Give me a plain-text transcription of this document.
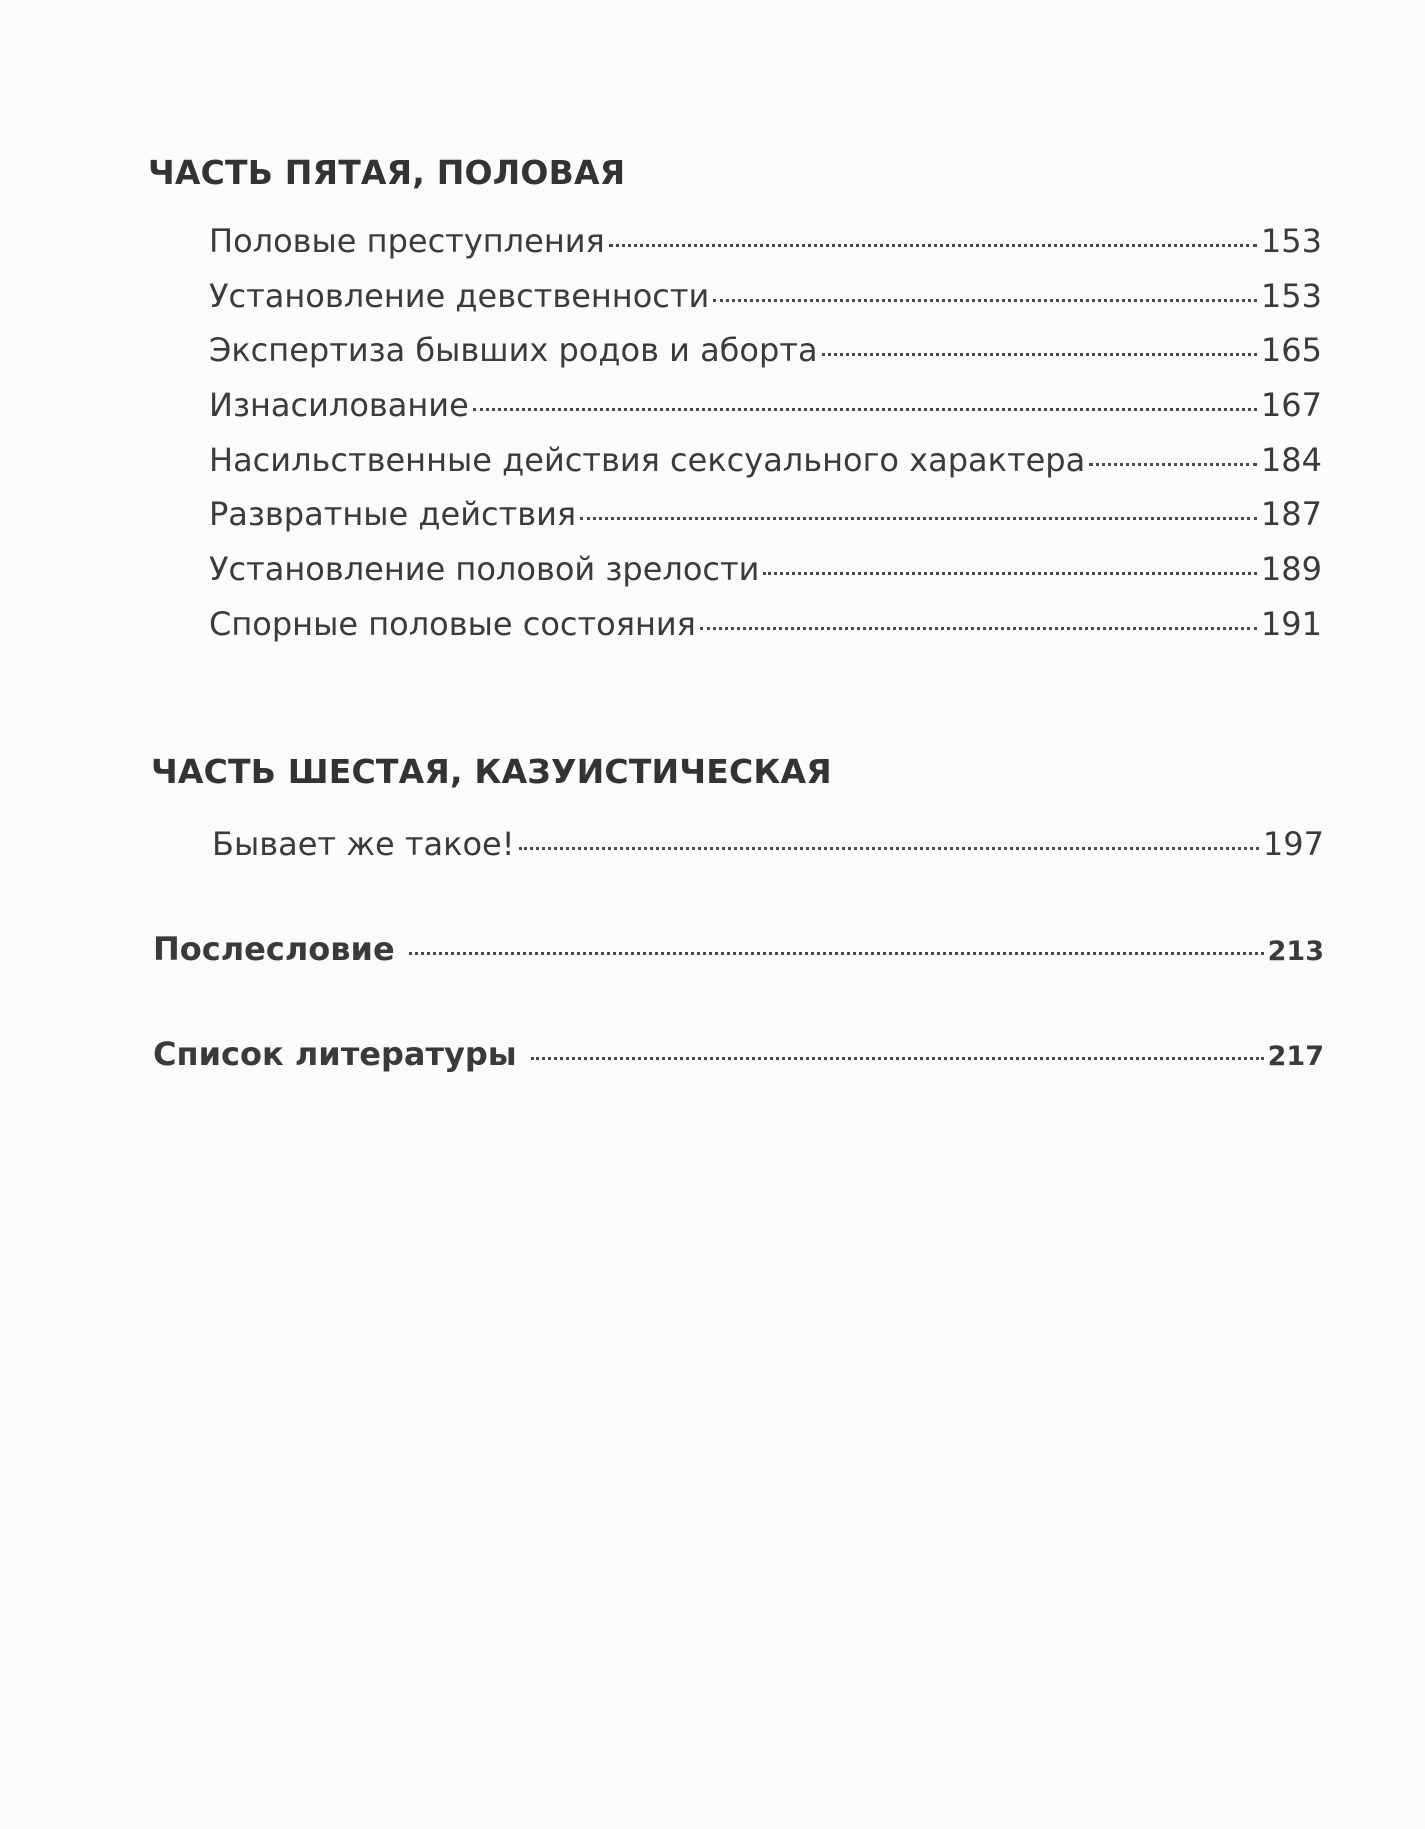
ЧАСТЬ ПЯТАЯ, ПОЛОВАЯ
Половые преступления	153
Установление девственности	153
Экспертиза бывших родов и аборта	165
Изнасилование	167
Насильственные действия сексуального характера	184
Развратные действия	187
Установление половой зрелости	189
Спорные половые состояния	191
ЧАСТЬ ШЕСТАЯ, КАЗУИСТИЧЕСКАЯ
Бывает же такое!	197
Послесловие	213
Список литературы	217
